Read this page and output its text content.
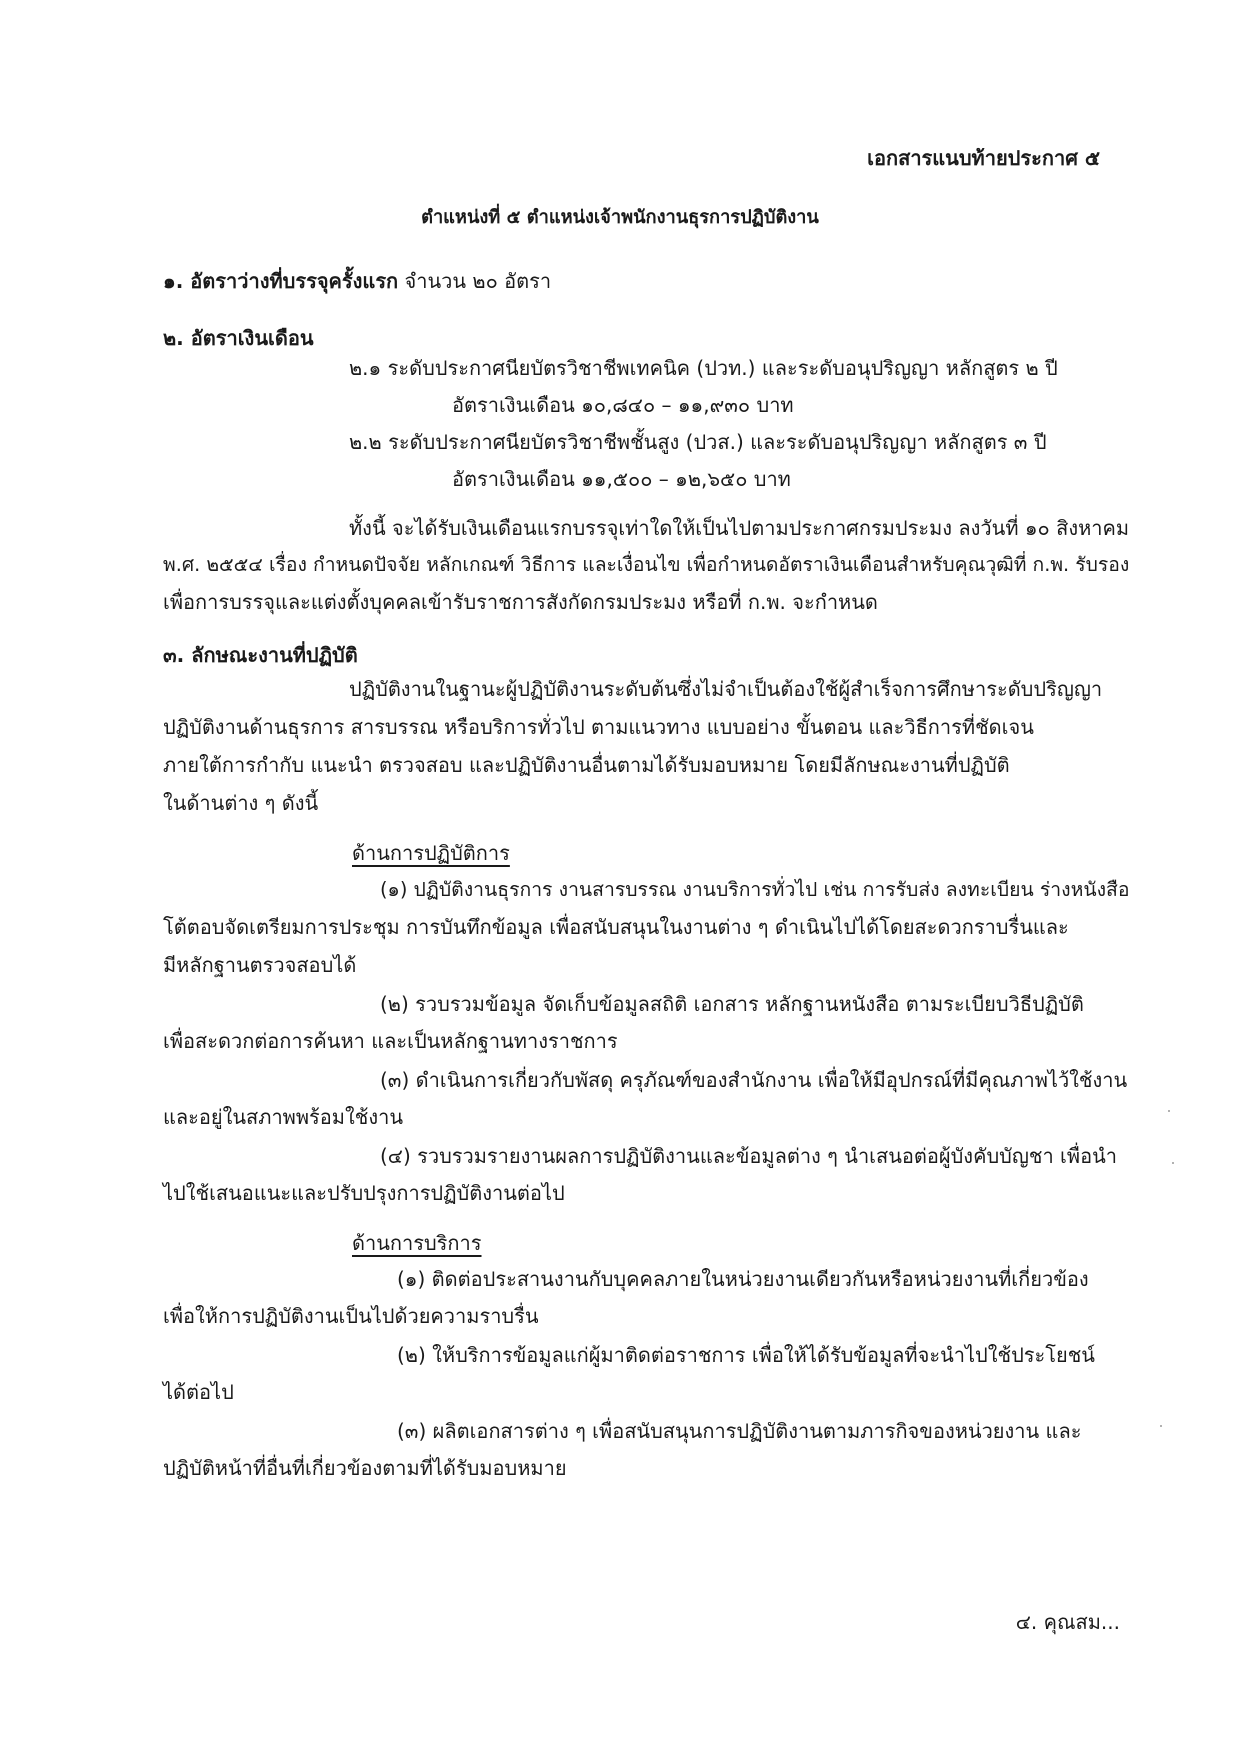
เอกสารแนบท้ายประกาศ ๕

ตำแหน่งที่ ๕ ตำแหน่งเจ้าพนักงานธุรการปฏิบัติงาน

๑. อัตราว่างที่บรรจุครั้งแรก จำนวน ๒๐ อัตรา

๒. อัตราเงินเดือน

๒.๑ ระดับประกาศนียบัตรวิชาชีพเทคนิค (ปวท.) และระดับอนุปริญญา หลักสูตร ๒ ปี

อัตราเงินเดือน ๑๐,๘๔๐ – ๑๑,๙๓๐ บาท

๒.๒ ระดับประกาศนียบัตรวิชาชีพชั้นสูง (ปวส.) และระดับอนุปริญญา หลักสูตร ๓ ปี

อัตราเงินเดือน ๑๑,๕๐๐ – ๑๒,๖๕๐ บาท

ทั้งนี้ จะได้รับเงินเดือนแรกบรรจุเท่าใดให้เป็นไปตามประกาศกรมประมง ลงวันที่ ๑๐ สิงหาคม

พ.ศ. ๒๕๕๔ เรื่อง กำหนดปัจจัย หลักเกณฑ์ วิธีการ และเงื่อนไข เพื่อกำหนดอัตราเงินเดือนสำหรับคุณวุฒิที่ ก.พ. รับรอง

เพื่อการบรรจุและแต่งตั้งบุคคลเข้ารับราชการสังกัดกรมประมง หรือที่ ก.พ. จะกำหนด

๓. ลักษณะงานที่ปฏิบัติ

ปฏิบัติงานในฐานะผู้ปฏิบัติงานระดับต้นซึ่งไม่จำเป็นต้องใช้ผู้สำเร็จการศึกษาระดับปริญญา

ปฏิบัติงานด้านธุรการ สารบรรณ หรือบริการทั่วไป ตามแนวทาง แบบอย่าง ขั้นตอน และวิธีการที่ชัดเจน

ภายใต้การกำกับ แนะนำ ตรวจสอบ และปฏิบัติงานอื่นตามได้รับมอบหมาย โดยมีลักษณะงานที่ปฏิบัติ

ในด้านต่าง ๆ ดังนี้

ด้านการปฏิบัติการ

(๑) ปฏิบัติงานธุรการ งานสารบรรณ งานบริการทั่วไป เช่น การรับส่ง ลงทะเบียน ร่างหนังสือ

โต้ตอบจัดเตรียมการประชุม การบันทึกข้อมูล เพื่อสนับสนุนในงานต่าง ๆ ดำเนินไปได้โดยสะดวกราบรื่นและ

มีหลักฐานตรวจสอบได้

(๒) รวบรวมข้อมูล จัดเก็บข้อมูลสถิติ เอกสาร หลักฐานหนังสือ ตามระเบียบวิธีปฏิบัติ

เพื่อสะดวกต่อการค้นหา และเป็นหลักฐานทางราชการ

(๓) ดำเนินการเกี่ยวกับพัสดุ ครุภัณฑ์ของสำนักงาน เพื่อให้มีอุปกรณ์ที่มีคุณภาพไว้ใช้งาน

และอยู่ในสภาพพร้อมใช้งาน

(๔) รวบรวมรายงานผลการปฏิบัติงานและข้อมูลต่าง ๆ นำเสนอต่อผู้บังคับบัญชา เพื่อนำ

ไปใช้เสนอแนะและปรับปรุงการปฏิบัติงานต่อไป

ด้านการบริการ

(๑) ติดต่อประสานงานกับบุคคลภายในหน่วยงานเดียวกันหรือหน่วยงานที่เกี่ยวข้อง

เพื่อให้การปฏิบัติงานเป็นไปด้วยความราบรื่น

(๒) ให้บริการข้อมูลแก่ผู้มาติดต่อราชการ เพื่อให้ได้รับข้อมูลที่จะนำไปใช้ประโยชน์

ได้ต่อไป

(๓) ผลิตเอกสารต่าง ๆ เพื่อสนับสนุนการปฏิบัติงานตามภารกิจของหน่วยงาน และ

ปฏิบัติหน้าที่อื่นที่เกี่ยวข้องตามที่ได้รับมอบหมาย

๔. คุณสม...
